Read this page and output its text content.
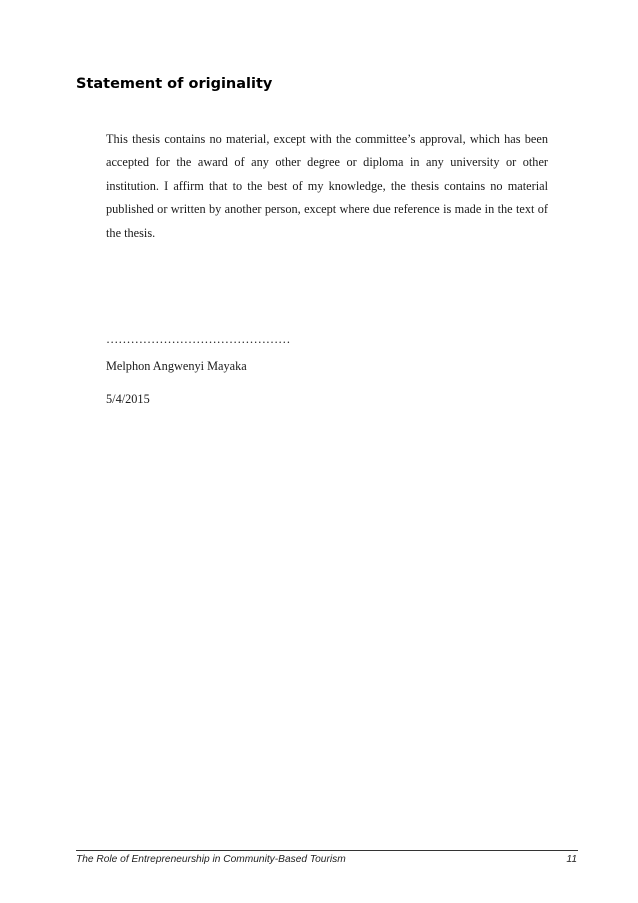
Statement of originality

This thesis contains no material, except with the committee’s approval, which has been accepted for the award of any other degree or diploma in any university or other institution. I affirm that to the best of my knowledge, the thesis contains no material published or written by another person, except where due reference is made in the text of the thesis.

………………………………………
Melphon Angwenyi Mayaka
5/4/2015
The Role of Entrepreneurship in Community-Based Tourism	11
